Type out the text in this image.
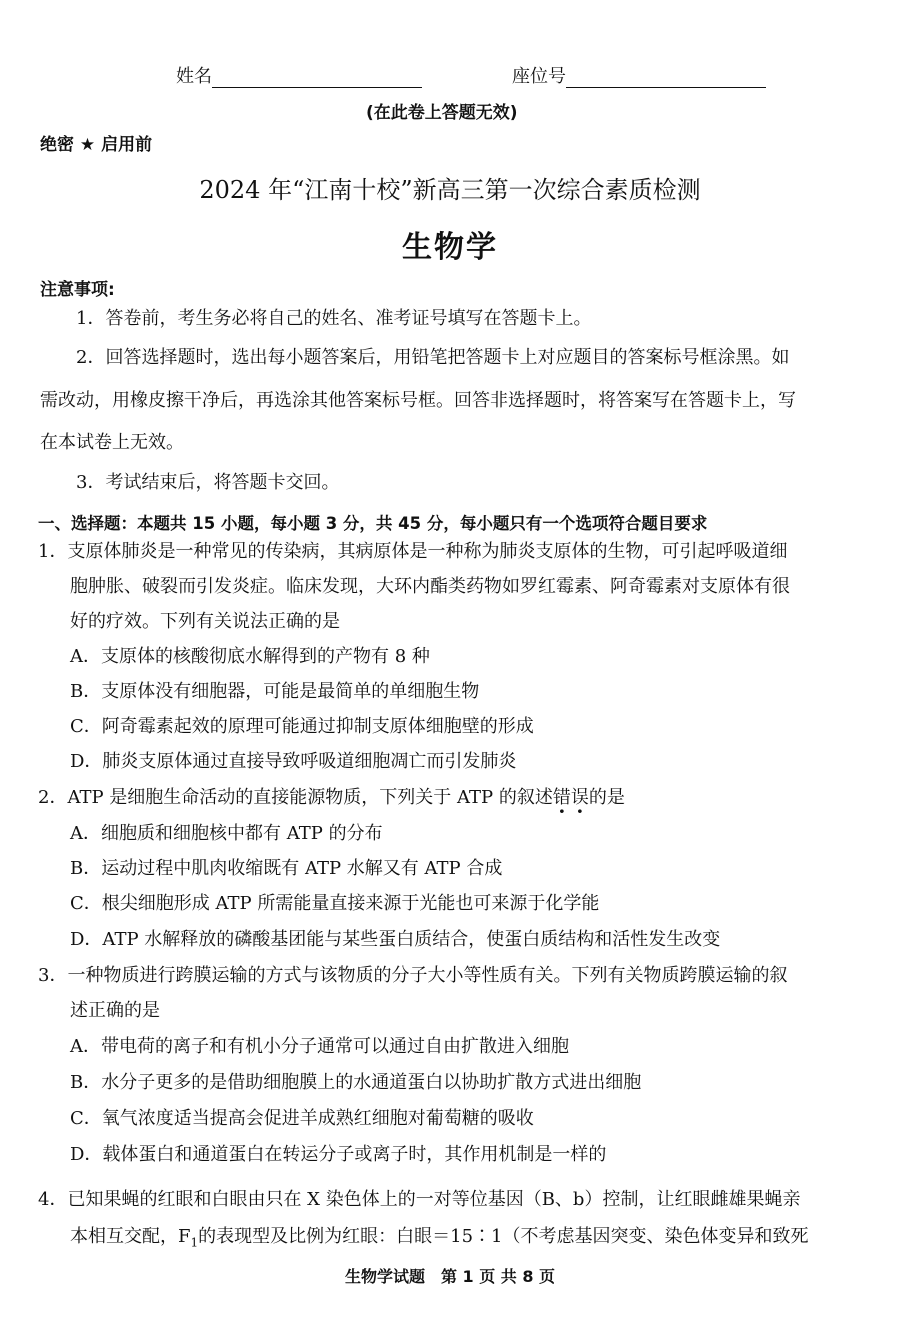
姓名	座位号
(在此卷上答题无效)
绝密 ★ 启用前
2024 年“江南十校”新高三第一次综合素质检测
生物学
注意事项:
1．答卷前，考生务必将自己的姓名、准考证号填写在答题卡上。
2．回答选择题时，选出每小题答案后，用铅笔把答题卡上对应题目的答案标号框涂黑。如
需改动，用橡皮擦干净后，再选涂其他答案标号框。回答非选择题时，将答案写在答题卡上，写
在本试卷上无效。
3．考试结束后，将答题卡交回。
一、选择题：本题共 15 小题，每小题 3 分，共 45 分，每小题只有一个选项符合题目要求
1．支原体肺炎是一种常见的传染病，其病原体是一种称为肺炎支原体的生物，可引起呼吸道细
胞肿胀、破裂而引发炎症。临床发现，大环内酯类药物如罗红霉素、阿奇霉素对支原体有很
好的疗效。下列有关说法正确的是
A．支原体的核酸彻底水解得到的产物有 8 种
B．支原体没有细胞器，可能是最简单的单细胞生物
C．阿奇霉素起效的原理可能通过抑制支原体细胞壁的形成
D．肺炎支原体通过直接导致呼吸道细胞凋亡而引发肺炎
2．ATP 是细胞生命活动的直接能源物质，下列关于 ATP 的叙述错误的是
A．细胞质和细胞核中都有 ATP 的分布
B．运动过程中肌肉收缩既有 ATP 水解又有 ATP 合成
C．根尖细胞形成 ATP 所需能量直接来源于光能也可来源于化学能
D．ATP 水解释放的磷酸基团能与某些蛋白质结合，使蛋白质结构和活性发生改变
3．一种物质进行跨膜运输的方式与该物质的分子大小等性质有关。下列有关物质跨膜运输的叙
述正确的是
A．带电荷的离子和有机小分子通常可以通过自由扩散进入细胞
B．水分子更多的是借助细胞膜上的水通道蛋白以协助扩散方式进出细胞
C．氧气浓度适当提高会促进羊成熟红细胞对葡萄糖的吸收
D．载体蛋白和通道蛋白在转运分子或离子时，其作用机制是一样的
4．已知果蝇的红眼和白眼由只在 X 染色体上的一对等位基因（B、b）控制，让红眼雌雄果蝇亲
本相互交配，$F_1$的表现型及比例为红眼：白眼＝15∶1（不考虑基因突变、染色体变异和致死
生物学试题　第 1 页 共 8 页
